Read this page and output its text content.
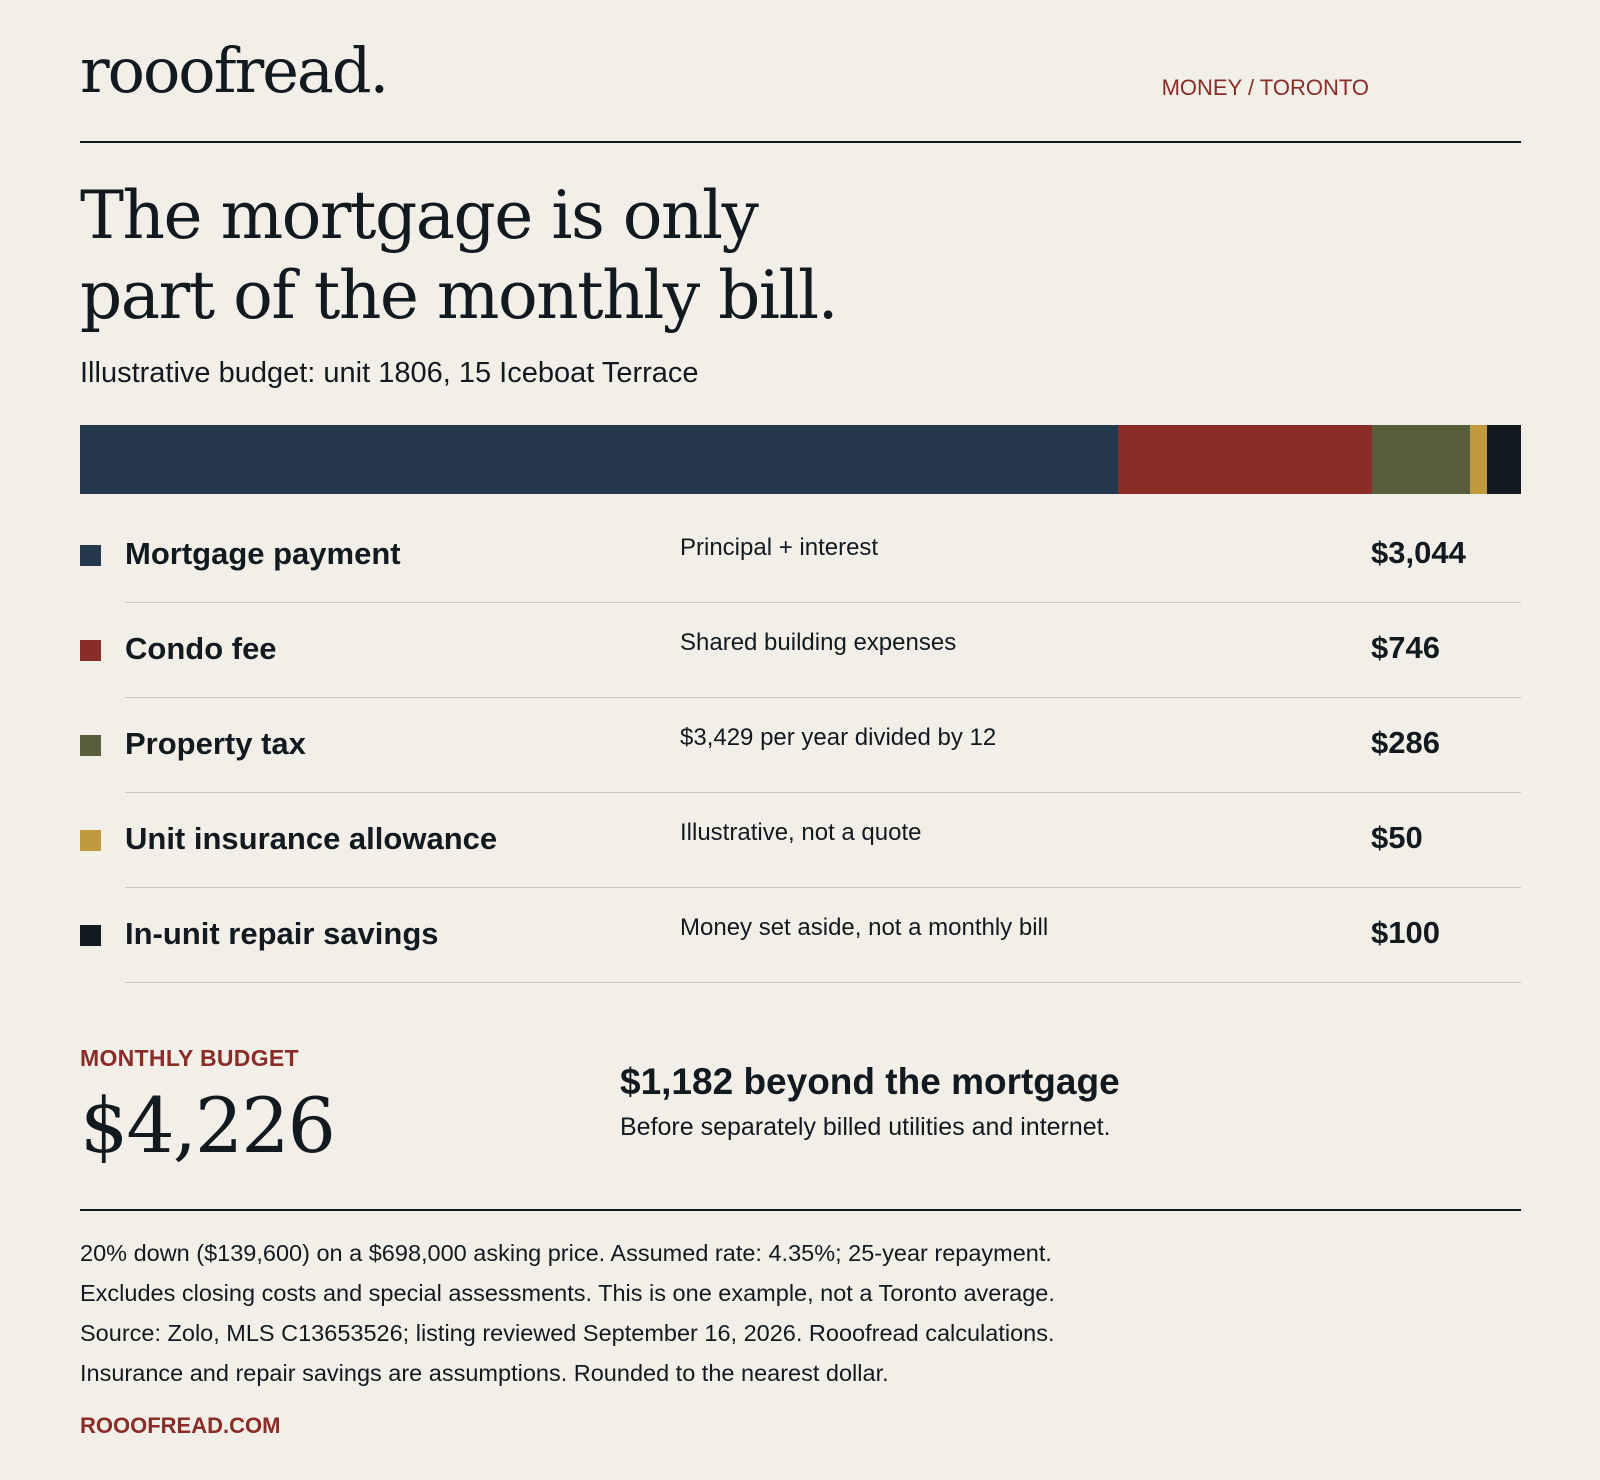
rooofread.	MONEY / TORONTO
The mortgage is only
part of the monthly bill.
Illustrative budget: unit 1806, 15 Iceboat Terrace
Mortgage payment	Principal + interest	$3,044
Condo fee	Shared building expenses	$746
Property tax	$3,429 per year divided by 12	$286
Unit insurance allowance	Illustrative, not a quote	$50
In-unit repair savings	Money set aside, not a monthly bill	$100
MONTHLY BUDGET
$4,226	$1,182 beyond the mortgage
Before separately billed utilities and internet.
20% down ($139,600) on a $698,000 asking price. Assumed rate: 4.35%; 25-year repayment.
Excludes closing costs and special assessments. This is one example, not a Toronto average.
Source: Zolo, MLS C13653526; listing reviewed September 16, 2026. Rooofread calculations.
Insurance and repair savings are assumptions. Rounded to the nearest dollar.
ROOOFREAD.COM
